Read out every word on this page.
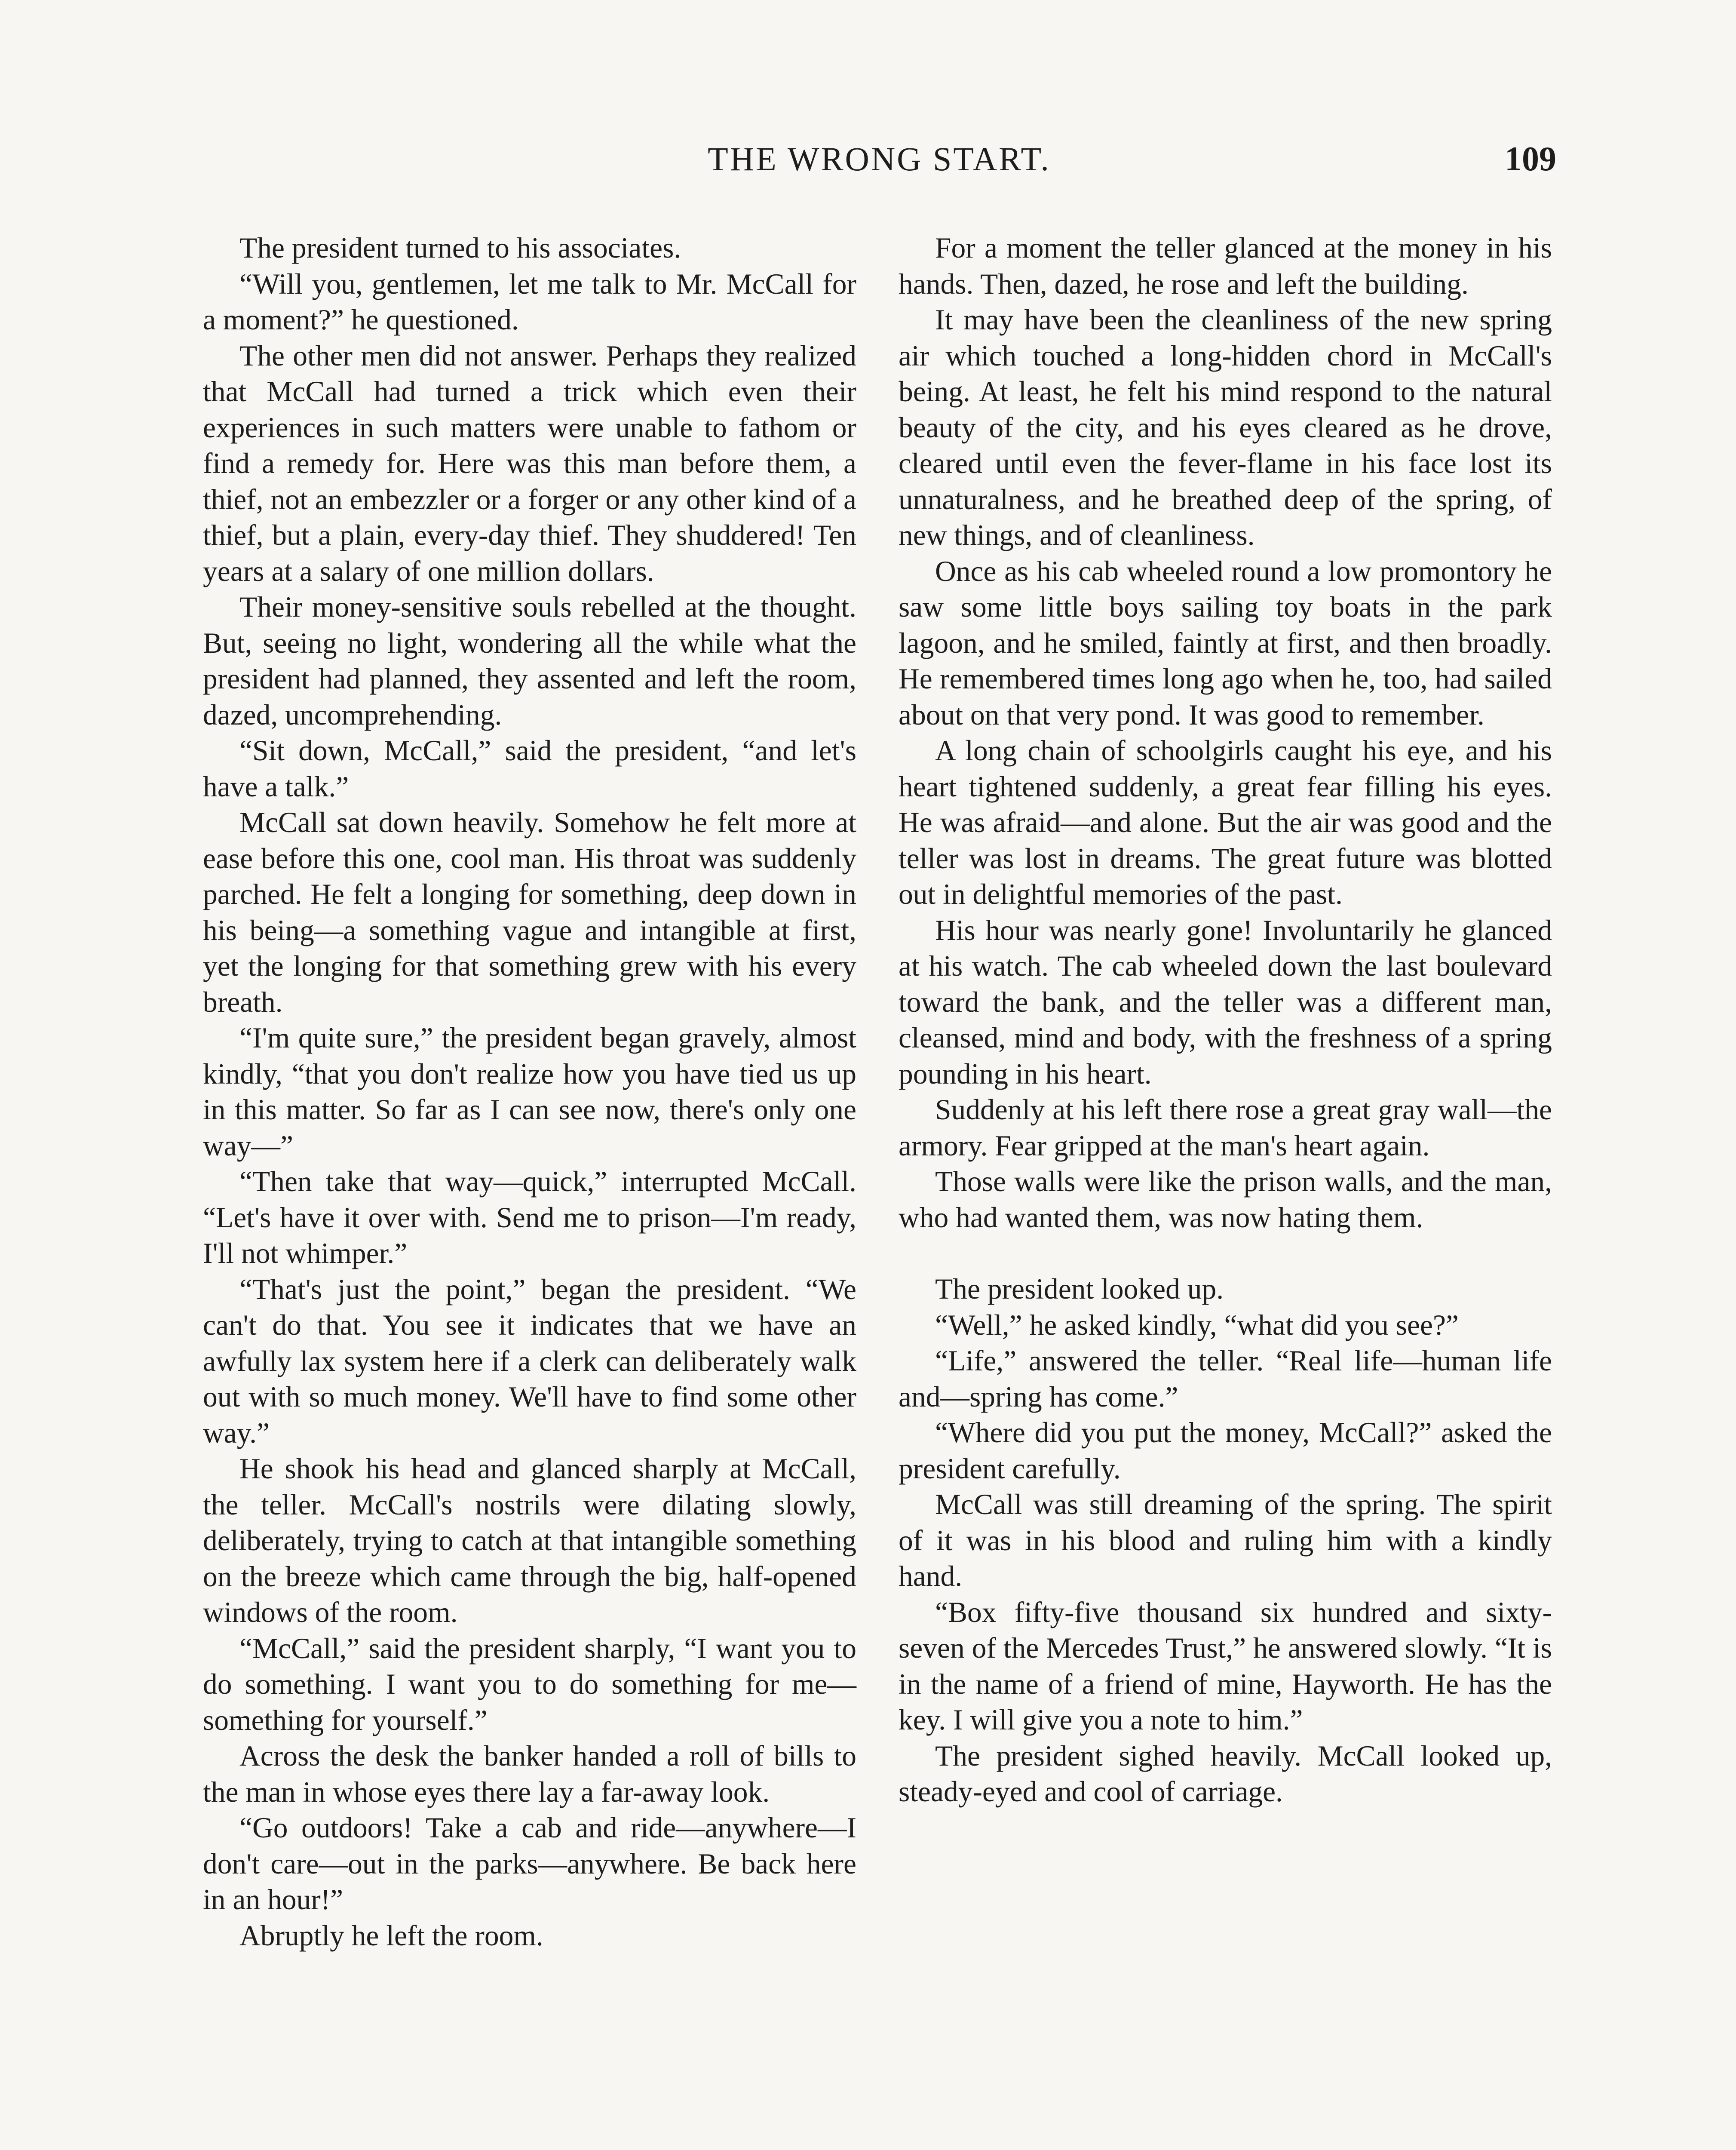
THE WRONG START.	109

The president turned to his associates.

“Will you, gentlemen, let me talk to Mr. McCall for a moment?” he questioned.

The other men did not answer. Perhaps they realized that McCall had turned a trick which even their experiences in such matters were unable to fathom or find a remedy for. Here was this man before them, a thief, not an embezzler or a forger or any other kind of a thief, but a plain, every-day thief. They shuddered! Ten years at a salary of one million dollars.

Their money-sensitive souls rebelled at the thought. But, seeing no light, wondering all the while what the president had planned, they assented and left the room, dazed, uncomprehending.

“Sit down, McCall,” said the president, “and let's have a talk.”

McCall sat down heavily. Somehow he felt more at ease before this one, cool man. His throat was suddenly parched. He felt a longing for something, deep down in his being—a something vague and intangible at first, yet the longing for that something grew with his every breath.

“I'm quite sure,” the president began gravely, almost kindly, “that you don't realize how you have tied us up in this matter. So far as I can see now, there's only one way—”

“Then take that way—quick,” interrupted McCall. “Let's have it over with. Send me to prison—I'm ready, I'll not whimper.”

“That's just the point,” began the president. “We can't do that. You see it indicates that we have an awfully lax system here if a clerk can deliberately walk out with so much money. We'll have to find some other way.”

He shook his head and glanced sharply at McCall, the teller. McCall's nostrils were dilating slowly, deliberately, trying to catch at that intangible something on the breeze which came through the big, half-opened windows of the room.

“McCall,” said the president sharply, “I want you to do something. I want you to do something for me—something for yourself.”

Across the desk the banker handed a roll of bills to the man in whose eyes there lay a far-away look.

“Go outdoors! Take a cab and ride—anywhere—I don't care—out in the parks—anywhere. Be back here in an hour!”

Abruptly he left the room.

For a moment the teller glanced at the money in his hands. Then, dazed, he rose and left the building.

It may have been the cleanliness of the new spring air which touched a long-hidden chord in McCall's being. At least, he felt his mind respond to the natural beauty of the city, and his eyes cleared as he drove, cleared until even the fever-flame in his face lost its unnaturalness, and he breathed deep of the spring, of new things, and of cleanliness.

Once as his cab wheeled round a low promontory he saw some little boys sailing toy boats in the park lagoon, and he smiled, faintly at first, and then broadly. He remembered times long ago when he, too, had sailed about on that very pond. It was good to remember.

A long chain of schoolgirls caught his eye, and his heart tightened suddenly, a great fear filling his eyes. He was afraid—and alone. But the air was good and the teller was lost in dreams. The great future was blotted out in delightful memories of the past.

His hour was nearly gone! Involuntarily he glanced at his watch. The cab wheeled down the last boulevard toward the bank, and the teller was a different man, cleansed, mind and body, with the freshness of a spring pounding in his heart.

Suddenly at his left there rose a great gray wall—the armory. Fear gripped at the man's heart again.

Those walls were like the prison walls, and the man, who had wanted them, was now hating them.

The president looked up.

“Well,” he asked kindly, “what did you see?”

“Life,” answered the teller. “Real life—human life and—spring has come.”

“Where did you put the money, McCall?” asked the president carefully.

McCall was still dreaming of the spring. The spirit of it was in his blood and ruling him with a kindly hand.

“Box fifty-five thousand six hundred and sixty-seven of the Mercedes Trust,” he answered slowly. “It is in the name of a friend of mine, Hayworth. He has the key. I will give you a note to him.”

The president sighed heavily. McCall looked up, steady-eyed and cool of carriage.
